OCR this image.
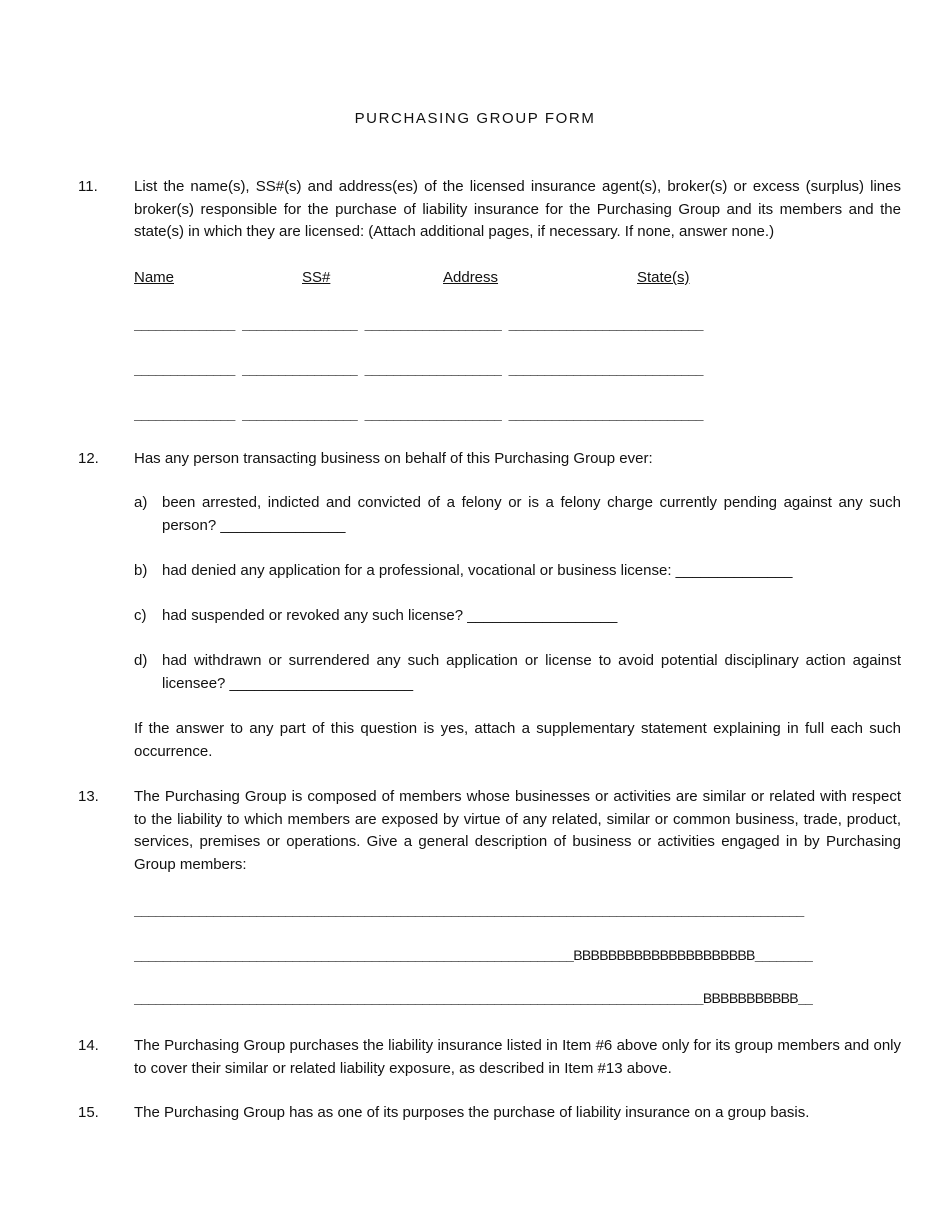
PURCHASING GROUP FORM
11. List the name(s), SS#(s) and address(es) of the licensed insurance agent(s), broker(s) or excess (surplus) lines broker(s) responsible for the purchase of liability insurance for the Purchasing Group and its members and the state(s) in which they are licensed: (Attach additional pages, if necessary. If none, answer none.)
Name	SS#	Address	State(s)
______________ ________________ ___________________ ___________________________
______________ ________________ ___________________ ___________________________
______________ ________________ ___________________ ___________________________
12. Has any person transacting business on behalf of this Purchasing Group ever:
a) been arrested, indicted and convicted of a felony or is a felony charge currently pending against any such person? _______________
b) had denied any application for a professional, vocational or business license: ______________
c) had suspended or revoked any such license? __________________
d) had withdrawn or surrendered any such application or license to avoid potential disciplinary action against licensee? ______________________
If the answer to any part of this question is yes, attach a supplementary statement explaining in full each such occurrence.
13. The Purchasing Group is composed of members whose businesses or activities are similar or related with respect to the liability to which members are exposed by virtue of any related, similar or common business, trade, product, services, premises or operations. Give a general description of business or activities engaged in by Purchasing Group members:
_____________________________________________________________________________________________
_____________________________________________________________BBBBBBBBBBBBBBBBBBBBB________
_______________________________________________________________________________BBBBBBBBBBB__
14. The Purchasing Group purchases the liability insurance listed in Item #6 above only for its group members and only to cover their similar or related liability exposure, as described in Item #13 above.
15. The Purchasing Group has as one of its purposes the purchase of liability insurance on a group basis.
